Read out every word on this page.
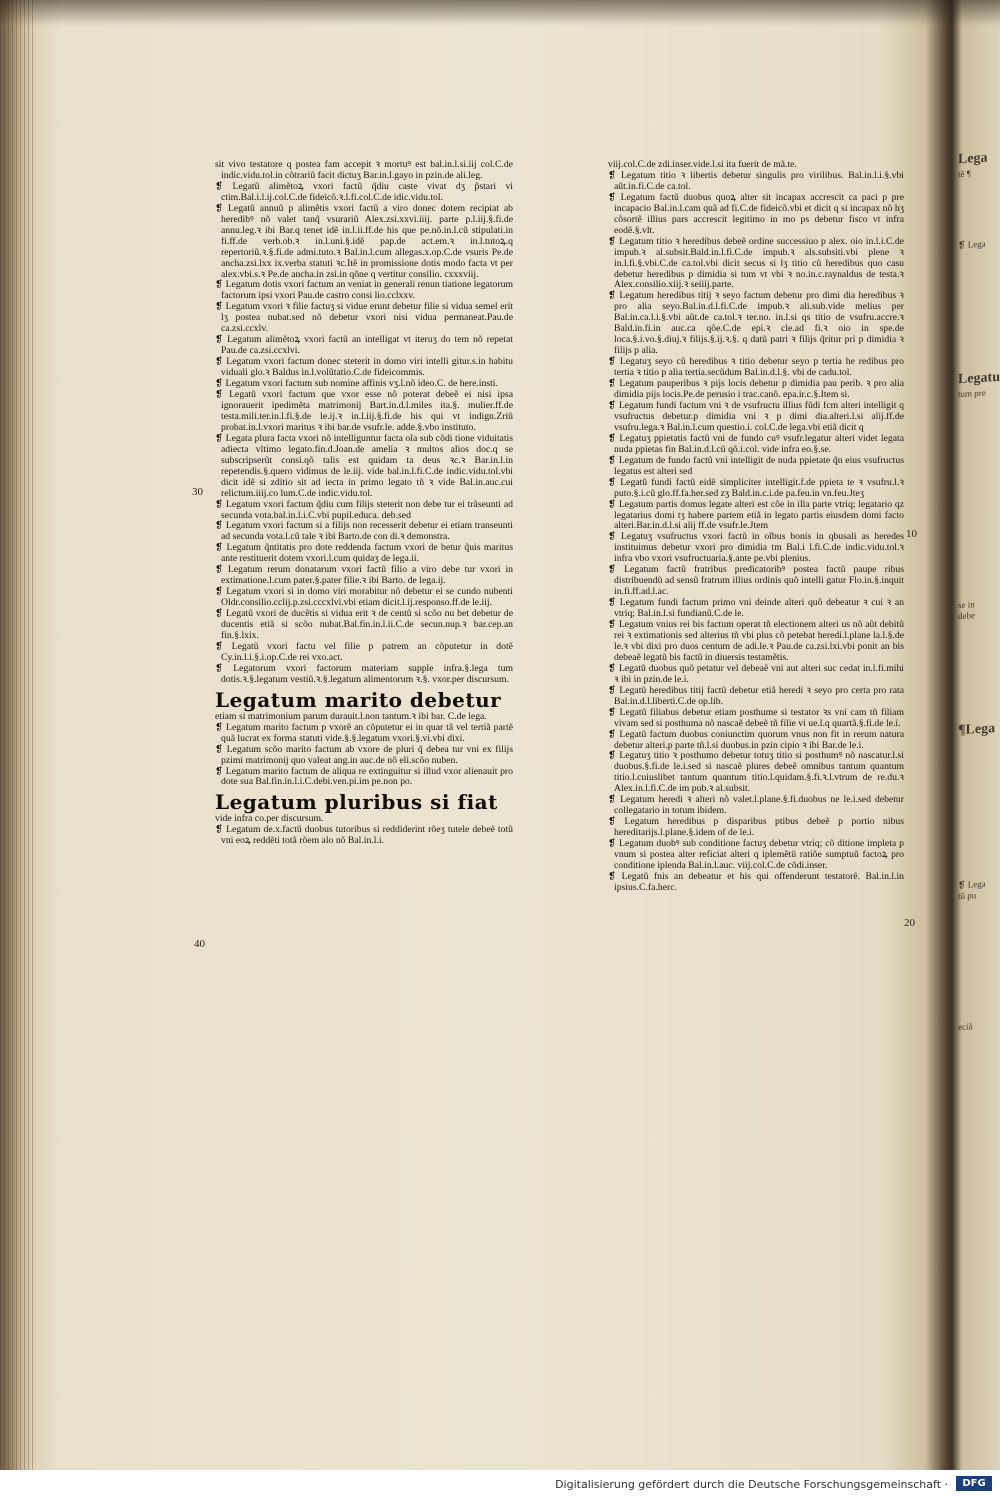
sit vivo testatore q postea fam accepit ꝛ mortuꝰ est bal.in.l.si.iij col.C.de indic.vidu.tol.in cõtrariũ facit dictuʒ Bar.in.l.gayo in pzin.de ali.leg.

❡ Legatũ alimẽtoꝝ vxori factũ q̃diu caste vivat dʒ p̃stari vi ctim.Bal.i.l.ij.col.C.de fideicõ.ꝛ.l.fi.col.C.de idic.vidu.tol.

❡ Legatũ annuũ p alimẽtis vxori factũ a viro donec dotem recipiat ab heredibꝰ nõ valet tanq̃ vsurariũ Alex.zsi.xxvi.iiij. parte p.l.iij.§.fi.de annu.leg.ꝛ ibi Bar.q tenet idẽ in.l.ii.ff.de his que pe.nõ.in.l.cũ stipulati.in fi.ff.de verb.ob.ꝛ in.l.uni.§.idẽ pap.de act.em.ꝛ in.l.tutoꝝ.q repertoriũ.ꝛ.§.fi.de admi.tuto.ꝛ Bal.in.l.cum allegas.x.op.C.de vsuris Pe.de ancha.zsi.lxx ix.verba statuti ꝛc.Itẽ in promissione dotis modo facta vt per alex.vbi.s.ꝛ Pe.de ancha.in zsi.in qõne q vertitur consilio. cxxxviij.

❡ Legatum dotis vxori factum an veniat in generali renun tiatione legatorum factorum ipsi vxori Pau.de castro consi lio.cclxxv.

❡ Legatum vxori ꝛ filie factuʒ si vidue erunt debetur filie si vidua semel erit lʒ postea nubat.sed nõ debetur vxori nisi vidua permaneat.Pau.de ca.zsi.ccxlv.

❡ Legatum alimẽtoꝝ vxori factũ an intelligat vt iteruʒ do tem nõ repetat Pau.de ca.zsi.ccxlvi.

❡ Legatum vxori factum donec steterit in domo viri intelli gitur.s.in habitu viduali glo.ꝛ Baldus in.l.volũtatio.C.de fideicommis.

❡ Legatum vxori factum sub nomine affinis vʒ.l.nõ ideo.C. de here.insti.

❡ Legatũ vxori factum que vxor esse nõ poterat debeẽ ei nisi ipsa ignorauerit ipedimẽta matrimonij Bart.in.d.l.miles ita.§. mulier.ff.de testa.mili.ter.in.l.fi.§.de le.ij.ꝛ in.l.iij.§.fi.de his qui vt indign.Zriũ probat.in.l.vxori maritus ꝛ ibi bar.de vsufr.le. adde.§.vbo instituto.

❡ Legata plura facta vxori nõ intelliguntur facta oĩa sub cõdi tione viduitatis adiecta vltimo legato.fin.d.Joan.de amelia ꝛ multos alios doc.q se subscripserũt consi.qõ talis est quidam ta deus ꝛc.ꝛ Bar.in.l.in repetendis.§.quero vidimus de le.iij. vide bal.in.l.fi.C.de indic.vidu.tol.vbi dicit idẽ si zditio sit ad iecta in primo legato tñ ꝛ vide Bal.in.auc.cui relictum.iiij.co lum.C.de indic.vidu.tol.

❡ Legatum vxori factum q̃diu cum filijs steterit non debe tur ei trãseunti ad secunda vota.bal.in.l.i.C.vbi pupil.educa. deb.sed

❡ Legatum vxori factum si a filijs non recesserit debetur ei etiam transeunti ad secunda vota.l.cũ tale ꝛ ibi Barto.de con di.ꝛ demonstra.

❡ Legatum q̃ntitatis pro dote reddenda factum vxori de betur q̃uis maritus ante restituerit dotem vxori.l.cum quidaʒ de lega.ii.

❡ Legatum rerum donatarum vxori factũ filio a viro debe tur vxori in extimatione.l.cum pater.§.pater filie.ꝛ ibi Barto. de lega.ij.

❡ Legatum vxori si in domo viri morabitur nõ debetur ei se cundo nubenti Oldr.consilio.cclij.p.zsi.cccxlvi.vbi etiam dicit.l.ij.responso.ff.de le.iij.

❡ Legatũ vxori de ducẽtis si vidua erit ꝛ de centũ si scõo nu bet debetur de ducentis etiã si scõo nubat.Bal.fin.in.l.ii.C.de secun.nup.ꝛ bar.cep.an fin.§.lxix.

❡ Legatũ vxori factu vel filie p patrem an cõputetur in dotẽ Cy.in.l.i.§.i.op.C.de rei vxo.act.

❡ Legatorum vxori factorum materiam supple infra.§.lega tum dotis.ꝛ.§.legatum vestiũ.ꝛ.§.legatum alimentorum ꝛ.§. vxor.per discursum.

Legatum marito debetur

etiam si matrimonium parum durauit.l.non tantum.ꝛ ibi bar. C.de lega.

❡ Legatum marito factum p vxorẽ an cõputetur ei in quar tã vel tertiã partẽ quã lucrat ex forma statuti vide.§.§.legatum vxori.§.vi.vbi dixi.

❡ Legatum scõo marito factum ab vxore de pluri q̃ debea tur vni ex filijs pzimi matrimonij quo valeat ang.in auc.de nõ eli.scõo nuben.

❡ Legatum marito factum de aliqua re extinguitur si illud vxor alienauit pro dote sua Bal.fin.in.l.i.C.debi.ven.pi.im pe.non po.

Legatum pluribus si fiat

vide infra co.per discursum.

❡ Legatum de.x.factũ duobus tutoribus si reddiderint rõeʒ tutele debeẽ totũ vni eoꝝ reddẽti totã rõem alo nõ Bal.in.l.i.

viij.col.C.de zdi.inser.vide.l.si ita fuerit de mã.te.

❡ Legatum titio ꝛ libertis debetur singulis pro virilibus. Bal.in.l.i.§.vbi aũt.in.fi.C.de ca.tol.

❡ Legatum factũ duobus quoꝝ alter sit incapax accrescit ca paci p pre incapacio Bal.in.l.cam quã ad fi.C.de fideicõ.vbi et dicit q si incapax nõ hʒ cõsortẽ illius pars accrescit legitimo in mo ps debetur fisco vt infra eodẽ.§.vlt.

❡ Legatum titio ꝛ heredibus debeẽ ordine successiuo p alex. oio in.l.i.C.de impub.ꝛ al.subsit.Bald.in.l.fi.C.de impub.ꝛ als.subsiti.vbi plene ꝛ in.l.fi.§.vbi.C.de ca.tol.vbi dicit secus si lʒ titio cũ heredibus quo casu debetur heredibus p dimidia si tum vt vbi ꝛ no.in.c.raynaldus de testa.ꝛ Alex.consilio.xiij.ꝛ seiiij.parte.

❡ Legatum heredibus titij ꝛ seyo factum debetur pro dimi dia heredibus ꝛ pro alia seyo.Bal.in.d.l.fi.C.de impub.ꝛ ali.sub.vide melius per Bal.in.ca.l.i.§.vbi aũt.de ca.tol.ꝛ ter.no. in.l.si qs titio de vsufru.accre.ꝛ Bald.in.fi.in auc.ca qõe.C.de epi.ꝛ cle.ad fi.ꝛ oio in spe.de loca.§.i.vo.§.diuj.ꝛ filijs.§.ij.ꝛ.§. q datũ patri ꝛ filijs q̃ritur pri p dimidia ꝛ filijs p alia.

❡ Legatuʒ seyo cũ heredibus ꝛ titio debetur seyo p tertia he redibus pro tertia ꝛ titio p alia tertia.secũdum Bal.in.d.l.§. vbi de cadu.tol.

❡ Legatum pauperibus ꝛ pijs locis debetur p dimidia pau perib. ꝛ pro alia dimidia pijs locis.Pe.de perusio i trac.canõ. epa.ir.c.§.Item si.

❡ Legatum fundi factum vni ꝛ de vsufructu illius fũdi fcm alteri intelligit q vsufructus debetur.p dimidia vni ꝛ p dimi dia.alteri.l.si alij.ff.de vsufru.lega.ꝛ Bal.in.l.cum questio.i. col.C.de lega.vbi etiã dicit q

❡ Legatuʒ ppietatis factũ vni de fundo cuꝰ vsufr.legatur alteri videt legata nuda ppietas fin Bal.in.d.l.cũ qõ.i.col. vide infra eo.§.se.

❡ Legatum de fundo factũ vni intelligit de nuda ppietate q̃n eius vsufructus legatus est alteri sed

❡ Legatũ fundi factũ eidẽ simpliciter intelligit.f.de ppieta te ꝛ vsufru.l.ꝛ puto.§.i.cũ glo.ff.fa.her.sed zʒ Bald.in.c.i.de pa.feu.in vn.feu.Jteʒ

❡ Legatum partis domus legate alteri est cõe in illa parte vtriq; legatario qz legatarius domi tʒ habere partem etiã in legato partis eiusdem domi facto alteri.Bar.in.d.l.si alij ff.de vsufr.le.Jtem

❡ Legatuʒ vsufructus vxori factũ in oĩbus bonis in qbusali as heredes instituimus debetur vxori pro dimidia tm Bal.i l.fi.C.de indic.vidu.tol.ꝛ infra vbo vxori vsufructuaria.§.ante pe.vbi plenius.

❡ Legatum factũ fratribus predicatoribꝰ postea factũ paupe ribus distribuendũ ad sensũ fratrum illius ordinis quõ intelli gatur Flo.in.§.inquit in.fi.ff.ad.l.ac.

❡ Legatum fundi factum primo vni deinde alteri quõ debeatur ꝛ cui ꝛ an vtriq; Bal.in.l.si fundianũ.C.de le.

❡ Legatum vnius rei bis factum operat tñ electionem alteri us nõ aũt debitũ rei ꝛ extimationis sed alterius tñ vbi plus cõ petebat heredi.l.plane la.l.§.de le.ꝛ vbi dixi pro duos centum de adi.le.ꝛ Pau.de ca.zsi.lxi.vbi ponit an bis debeaẽ legatũ bis factũ in diuersis testamẽtis.

❡ Legatũ duobus quõ petatur vel debeaẽ vni aut alteri suc cedat in.l.fi.mihi ꝛ ibi in pzin.de le.i.

❡ Legatũ heredibus titij factũ debetur etiã heredi ꝛ seyo pro certa pro rata Bal.in.d.l.liberti.C.de op.lib.

❡ Legatũ filiabus debetur etiam posthume si testator ꝛs vni cam tñ filiam vivam sed si posthuma nõ nascaẽ debeẽ tñ filie vi ue.l.q quartã.§.fi.de le.i.

❡ Legatũ factum duobus coniunctim quorum vnus non fit in rerum natura debetur alteri.p parte tñ.l.si duobus.in pzin cipio ꝛ ibi Bar.de le.i.

❡ Legatuʒ titio ꝛ posthumo debetur totuʒ titio si posthumꝰ nõ nascatur.l.si duobus.§.fi.de le.i.sed si nascaẽ plures debeẽ omnibus tantum quantum titio.l.cuiuslibet tantum quantum titio.l.quidam.§.fi.ꝛ.l.vtrum de re.du.ꝛ Alex.in.l.fi.C.de im pub.ꝛ al.subsit.

❡ Legatum heredi ꝛ alteri nõ valet.l.plane.§.fi.duobus ne le.i.sed debetur collegatario in totum ibidem.

❡ Legatum heredibus p disparibus ptibus debeẽ p portio nibus hereditarijs.l.plane.§.idem of de le.i.

❡ Legatum duobꝰ sub conditione factuʒ debetur vtriq; cõ ditione impleta p vnum si postea alter reficiat alteri q iplemẽtũ ratiõe sumptuũ factoꝝ pro conditione iplenda Bal.in.l.auc. viij.col.C.de cõdi.inser.

❡ Legatũ fnis an debeatur et his qui offenderunt testatorẽ. Bal.in.l.in ipsius.C.fa.herc.

30
40
10
20
Lega
tẽ ¶
❡ Lega
Legatu
tum pre
se in
debe
¶Lega
❡ Lega
tũ pu
eciã
Digitalisierung gefördert durch die Deutsche Forschungsgemeinschaft ·	DFG
